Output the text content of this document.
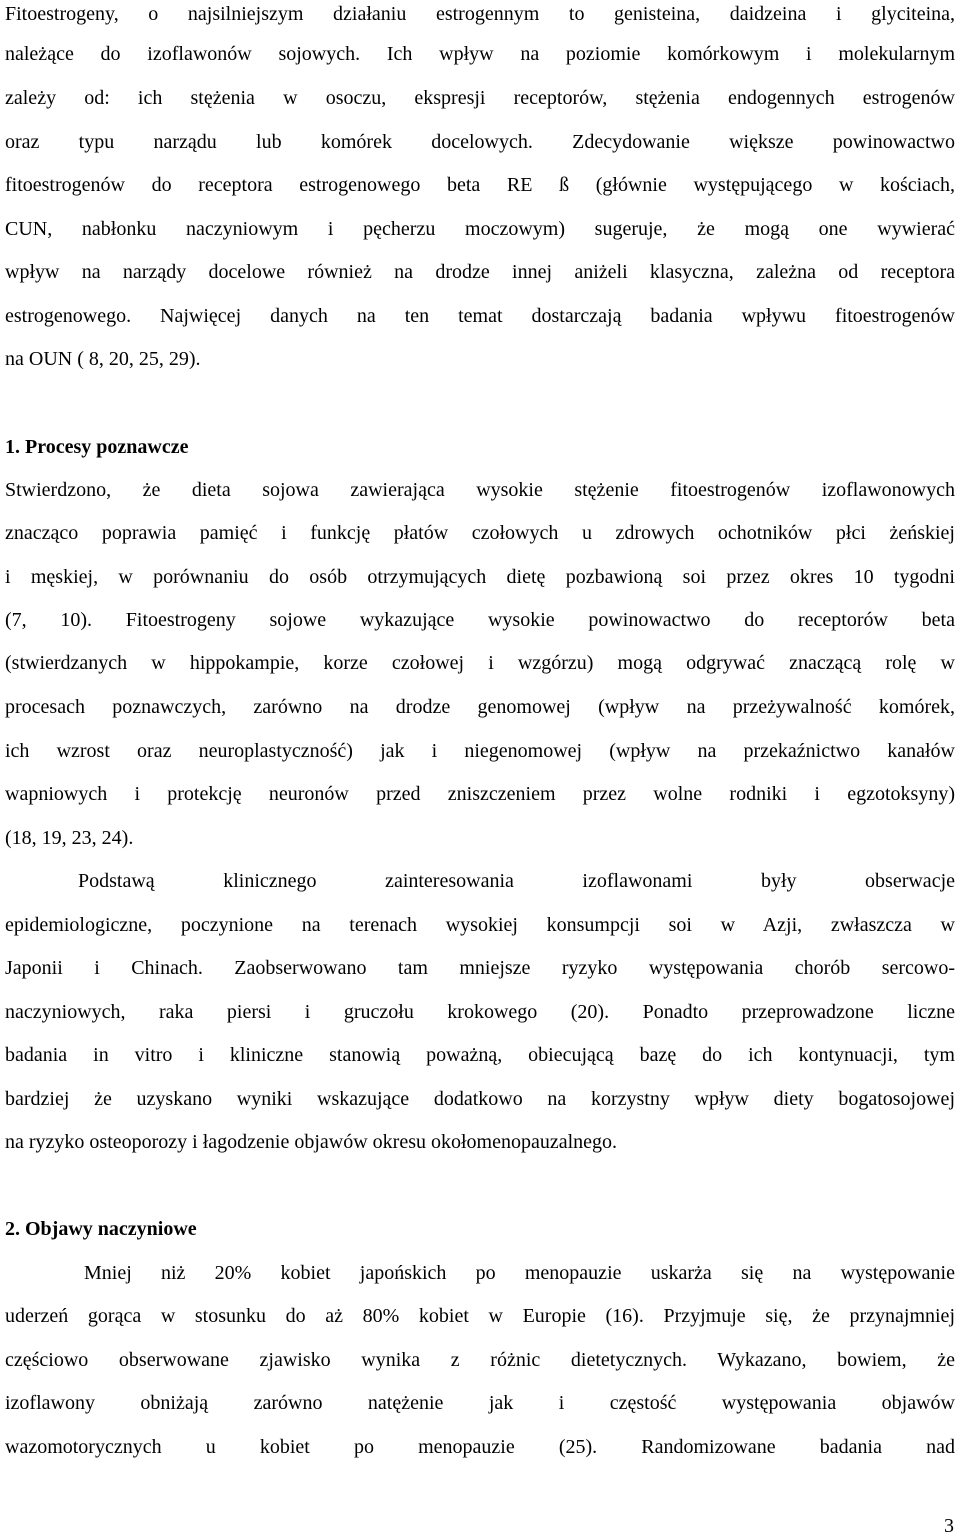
Fitoestrogeny, o najsilniejszym działaniu estrogennym to genisteina, daidzeina i glyciteina,

należące do izoflawonów sojowych. Ich wpływ na poziomie komórkowym i molekularnym

zależy od: ich stężenia w osoczu, ekspresji receptorów, stężenia endogennych estrogenów

oraz typu narządu lub komórek docelowych. Zdecydowanie większe powinowactwo

fitoestrogenów do receptora estrogenowego beta RE ß (głównie występującego w kościach,

CUN, nabłonku naczyniowym i pęcherzu moczowym) sugeruje, że mogą one wywierać

wpływ na narządy docelowe również na drodze innej aniżeli klasyczna, zależna od receptora

estrogenowego. Najwięcej danych na ten temat dostarczają badania wpływu fitoestrogenów

na OUN ( 8, 20, 25, 29).

1. Procesy poznawcze

Stwierdzono, że dieta sojowa zawierająca wysokie stężenie fitoestrogenów izoflawonowych

znacząco poprawia pamięć i funkcję płatów czołowych u zdrowych ochotników płci żeńskiej

i męskiej, w porównaniu do osób otrzymujących dietę pozbawioną soi przez okres 10 tygodni

(7, 10). Fitoestrogeny sojowe wykazujące wysokie powinowactwo do receptorów beta

(stwierdzanych w hippokampie, korze czołowej i wzgórzu) mogą odgrywać znaczącą rolę w

procesach poznawczych, zarówno na drodze genomowej (wpływ na przeżywalność komórek,

ich wzrost oraz neuroplastyczność) jak i niegenomowej (wpływ na przekaźnictwo kanałów

wapniowych i protekcję neuronów przed zniszczeniem przez wolne rodniki i egzotoksyny)

(18, 19, 23, 24).

Podstawą klinicznego zainteresowania izoflawonami były obserwacje

epidemiologiczne, poczynione na terenach wysokiej konsumpcji soi w Azji, zwłaszcza w

Japonii i Chinach. Zaobserwowano tam mniejsze ryzyko występowania chorób sercowo-

naczyniowych, raka piersi i gruczołu krokowego (20). Ponadto przeprowadzone liczne

badania in vitro i kliniczne stanowią poważną, obiecującą bazę do ich kontynuacji, tym

bardziej że uzyskano wyniki wskazujące dodatkowo na korzystny wpływ diety bogatosojowej

na ryzyko osteoporozy i łagodzenie objawów okresu okołomenopauzalnego.

2. Objawy naczyniowe

Mniej niż 20% kobiet japońskich po menopauzie uskarża się na występowanie

uderzeń gorąca w stosunku do aż 80% kobiet w Europie (16). Przyjmuje się, że przynajmniej

częściowo obserwowane zjawisko wynika z różnic dietetycznych. Wykazano, bowiem, że

izoflawony obniżają zarówno natężenie jak i częstość występowania objawów

wazomotorycznych u kobiet po menopauzie (25). Randomizowane badania nad

3
